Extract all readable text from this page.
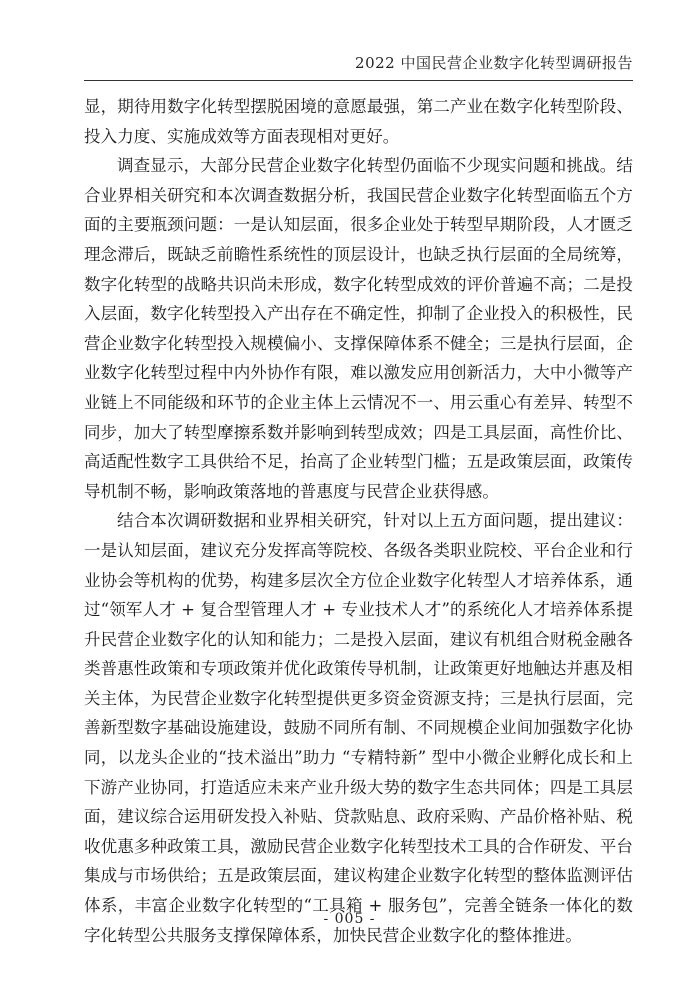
2022 中国民营企业数字化转型调研报告

显，期待用数字化转型摆脱困境的意愿最强，第二产业在数字化转型阶段、投入力度、实施成效等方面表现相对更好。

调查显示，大部分民营企业数字化转型仍面临不少现实问题和挑战。结合业界相关研究和本次调查数据分析，我国民营企业数字化转型面临五个方面的主要瓶颈问题：一是认知层面，很多企业处于转型早期阶段，人才匮乏理念滞后，既缺乏前瞻性系统性的顶层设计，也缺乏执行层面的全局统筹，数字化转型的战略共识尚未形成，数字化转型成效的评价普遍不高；二是投入层面，数字化转型投入产出存在不确定性，抑制了企业投入的积极性，民营企业数字化转型投入规模偏小、支撑保障体系不健全；三是执行层面，企业数字化转型过程中内外协作有限，难以激发应用创新活力，大中小微等产业链上不同能级和环节的企业主体上云情况不一、用云重心有差异、转型不同步，加大了转型摩擦系数并影响到转型成效；四是工具层面，高性价比、高适配性数字工具供给不足，抬高了企业转型门槛；五是政策层面，政策传导机制不畅，影响政策落地的普惠度与民营企业获得感。

结合本次调研数据和业界相关研究，针对以上五方面问题，提出建议：一是认知层面，建议充分发挥高等院校、各级各类职业院校、平台企业和行业协会等机构的优势，构建多层次全方位企业数字化转型人才培养体系，通过“领军人才 + 复合型管理人才 + 专业技术人才”的系统化人才培养体系提升民营企业数字化的认知和能力；二是投入层面，建议有机组合财税金融各类普惠性政策和专项政策并优化政策传导机制，让政策更好地触达并惠及相关主体，为民营企业数字化转型提供更多资金资源支持；三是执行层面，完善新型数字基础设施建设，鼓励不同所有制、不同规模企业间加强数字化协同，以龙头企业的“技术溢出”助力 “专精特新” 型中小微企业孵化成长和上下游产业协同，打造适应未来产业升级大势的数字生态共同体；四是工具层面，建议综合运用研发投入补贴、贷款贴息、政府采购、产品价格补贴、税收优惠多种政策工具，激励民营企业数字化转型技术工具的合作研发、平台集成与市场供给；五是政策层面，建议构建企业数字化转型的整体监测评估体系，丰富企业数字化转型的“工具箱 + 服务包”，完善全链条一体化的数字化转型公共服务支撑保障体系，加快民营企业数字化的整体推进。

- 005 -
